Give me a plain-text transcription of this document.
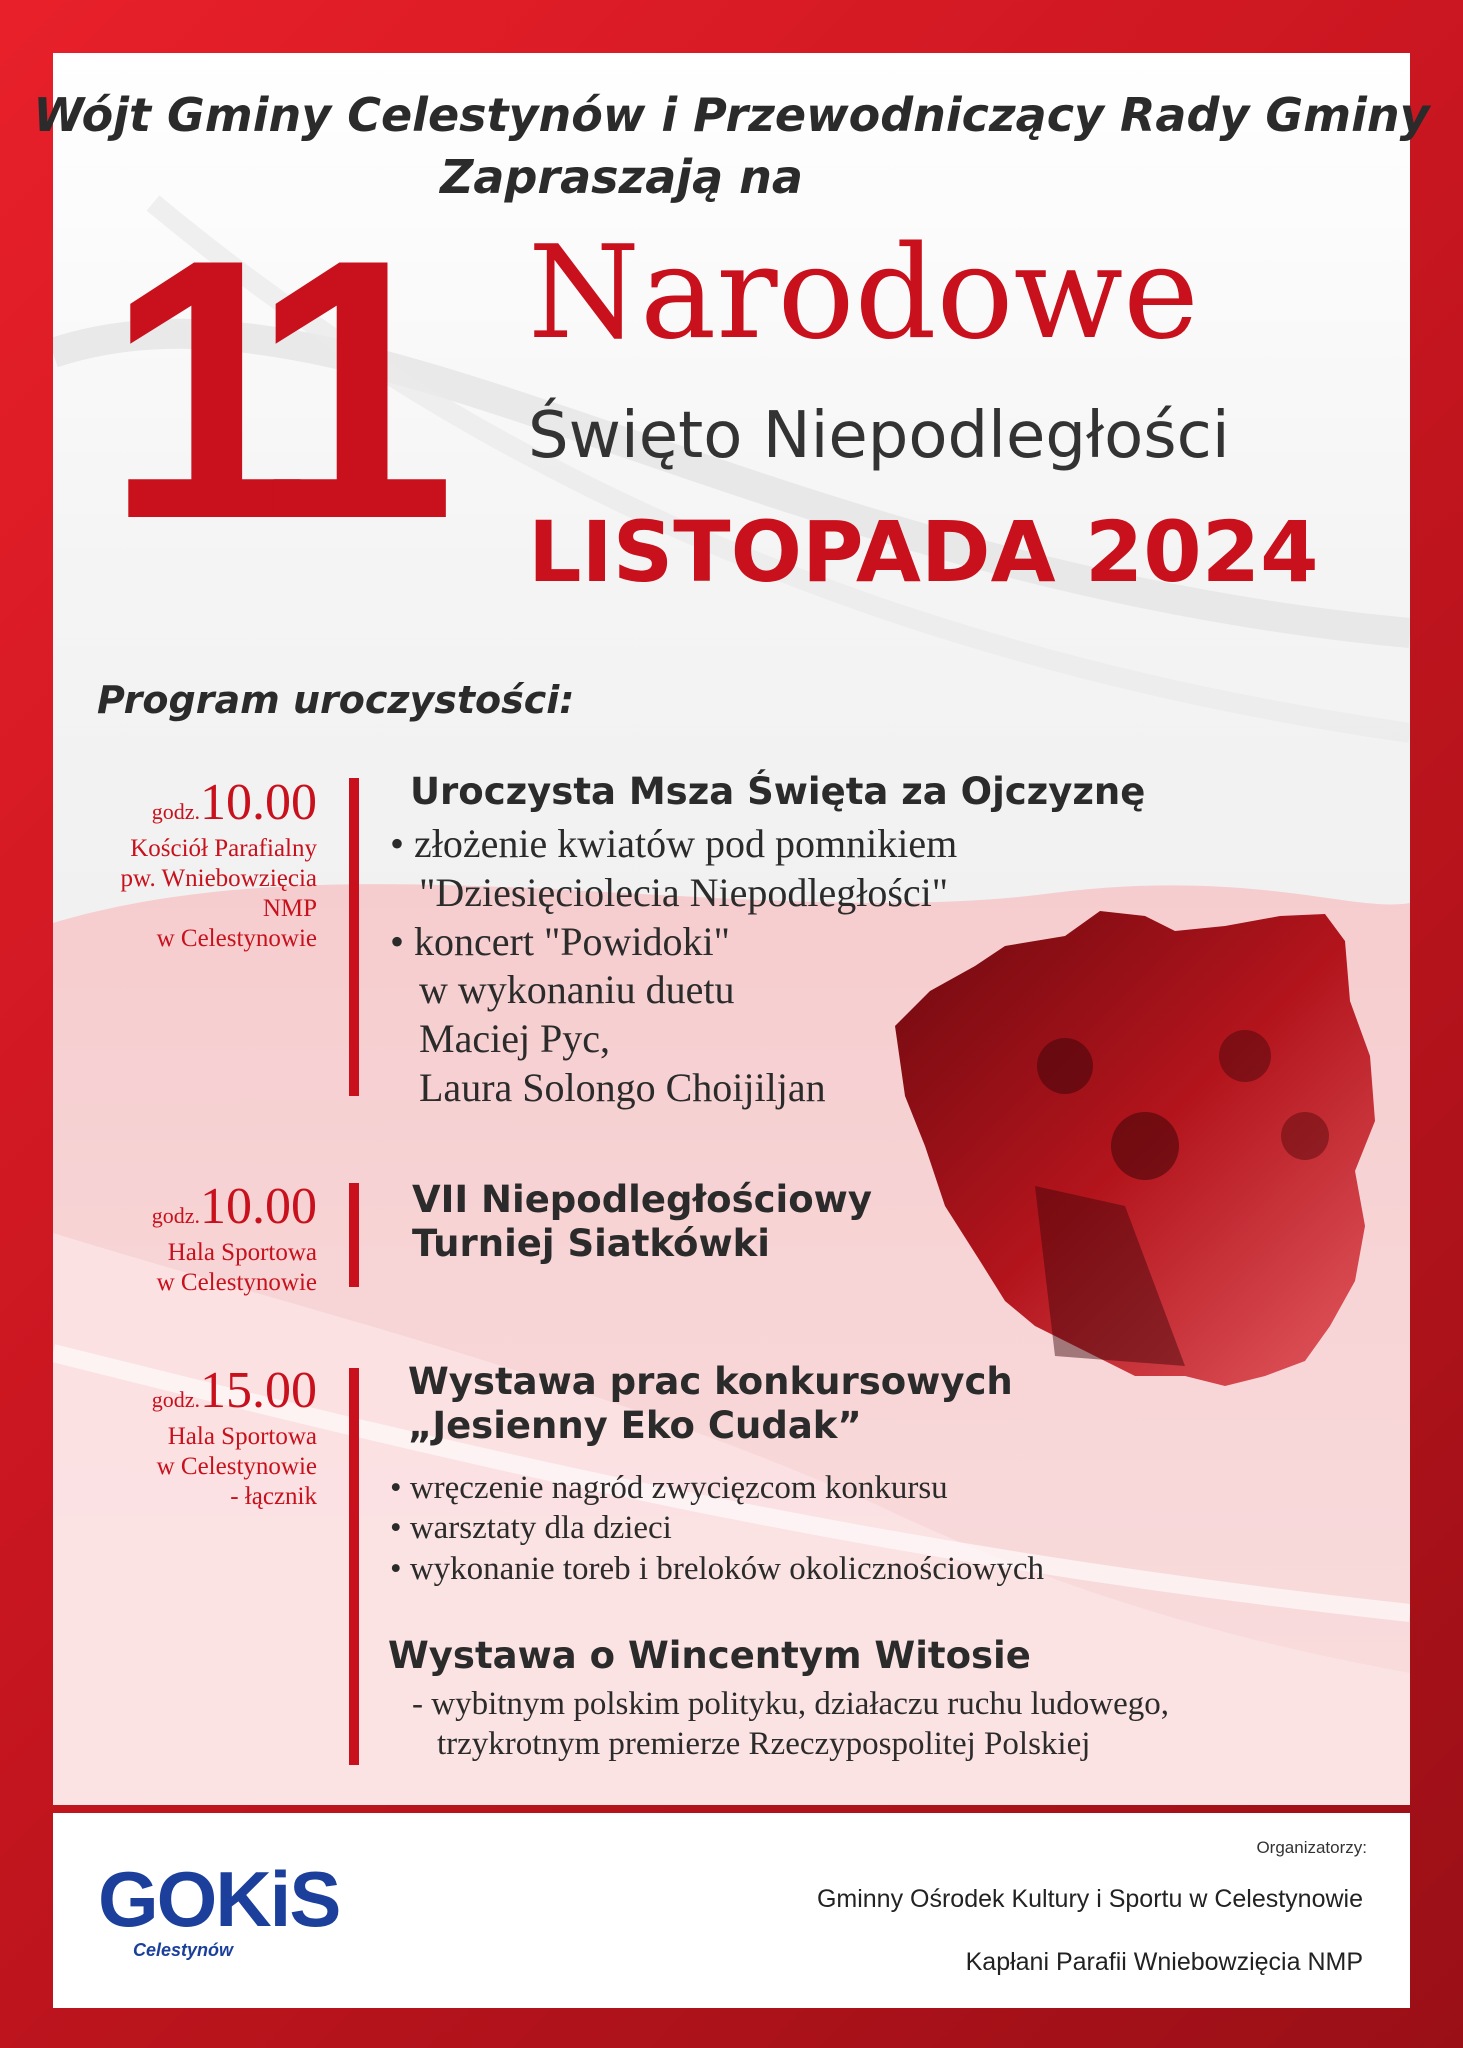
Wójt Gminy Celestynów i Przewodniczący Rady Gminy
Zapraszają na
11 Narodowe
Święto Niepodległości
LISTOPADA 2024
Program uroczystości:
godz.10.00
Kościół Parafialny
pw. Wniebowzięcia
NMP
w Celestynowie
Uroczysta Msza Święta za Ojczyznę
• złożenie kwiatów pod pomnikiem
"Dziesięciolecia Niepodległości"
• koncert "Powidoki"
w wykonaniu duetu
Maciej Pyc,
Laura Solongo Choijiljan
godz.10.00
Hala Sportowa
w Celestynowie
VII Niepodległościowy
Turniej Siatkówki
godz.15.00
Hala Sportowa
w Celestynowie
- łącznik
Wystawa prac konkursowych
„Jesienny Eko Cudak”
• wręczenie nagród zwycięzcom konkursu
• warsztaty dla dzieci
• wykonanie toreb i breloków okolicznościowych
Wystawa o Wincentym Witosie
- wybitnym polskim polityku, działaczu ruchu ludowego,
trzykrotnym premierze Rzeczypospolitej Polskiej
GOKiS
Celestynów
Organizatorzy:
Gminny Ośrodek Kultury i Sportu w Celestynowie
Kapłani Parafii Wniebowzięcia NMP
